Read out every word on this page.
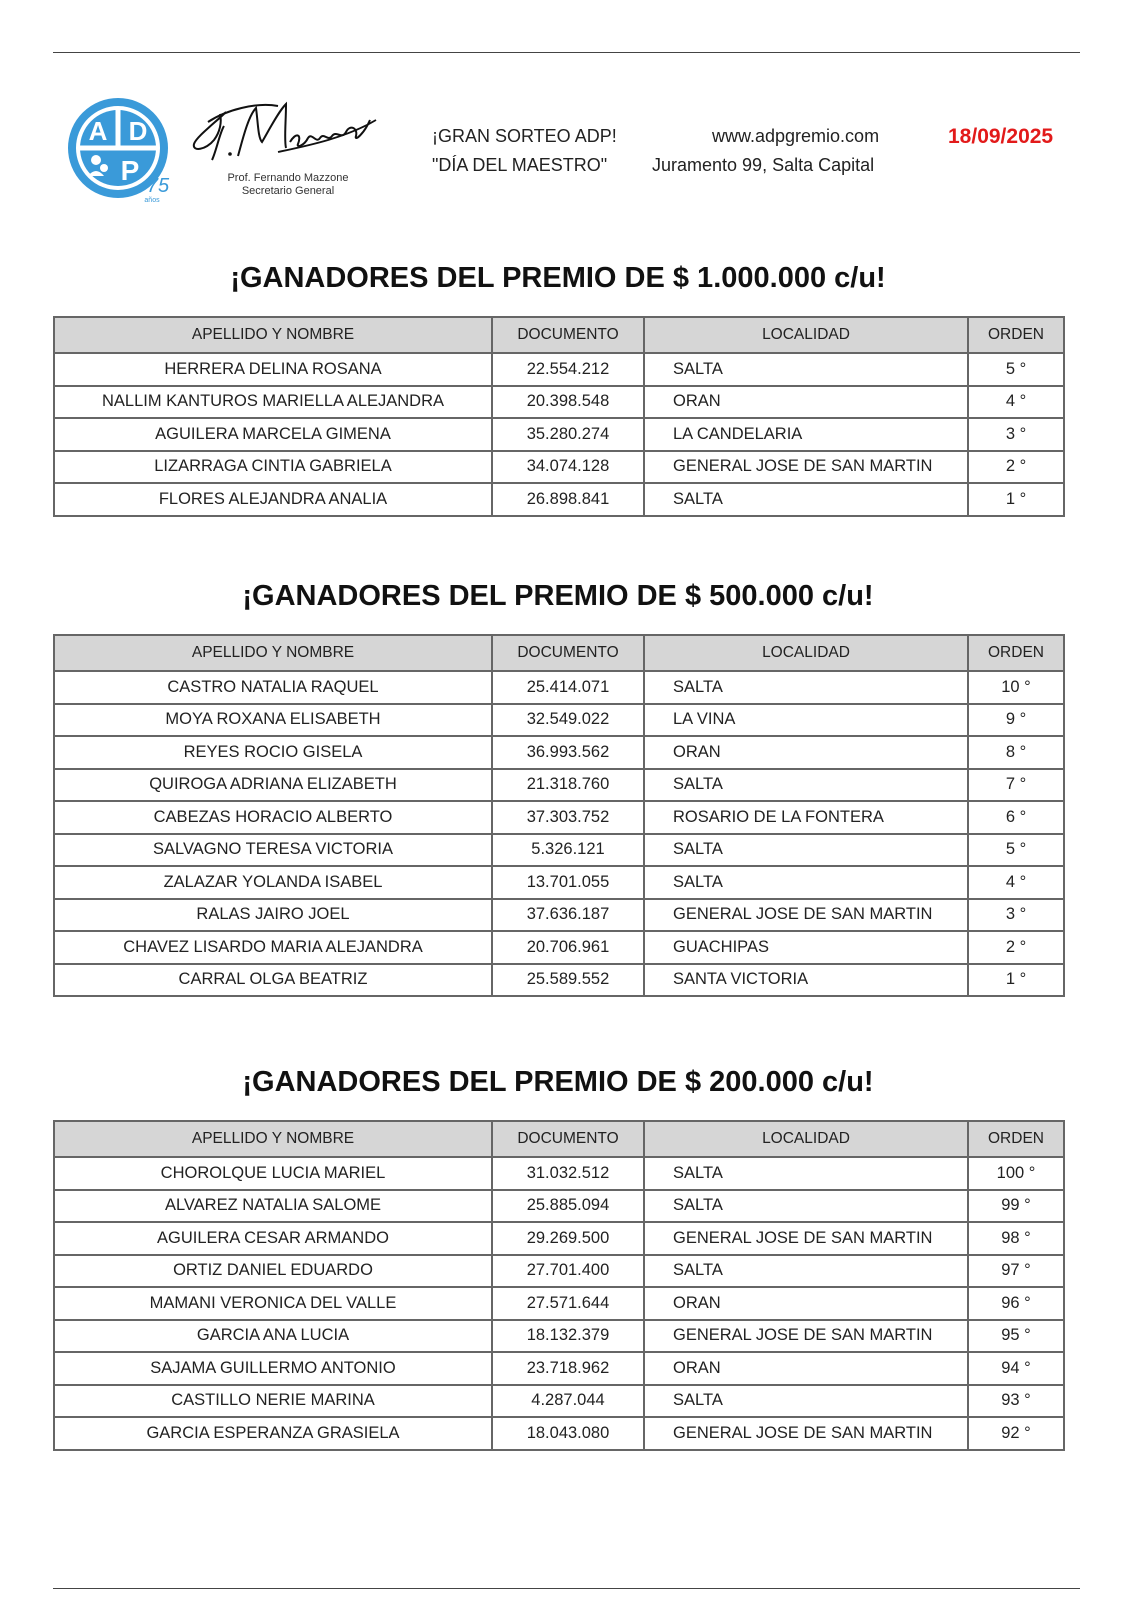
A D
P 75
años
Prof. Fernando Mazzone
Secretario General
¡GRAN SORTEO ADP!
"DÍA DEL MAESTRO"
www.adpgremio.com
Juramento 99, Salta Capital
18/09/2025
¡GANADORES DEL PREMIO DE $ 1.000.000 c/u!
APELLIDO Y NOMBRE	DOCUMENTO	LOCALIDAD	ORDEN
HERRERA DELINA ROSANA	22.554.212	SALTA	5 °
NALLIM KANTUROS MARIELLA ALEJANDRA	20.398.548	ORAN	4 °
AGUILERA MARCELA GIMENA	35.280.274	LA CANDELARIA	3 °
LIZARRAGA CINTIA GABRIELA	34.074.128	GENERAL JOSE DE SAN MARTIN	2 °
FLORES ALEJANDRA ANALIA	26.898.841	SALTA	1 °
¡GANADORES DEL PREMIO DE $ 500.000 c/u!
APELLIDO Y NOMBRE	DOCUMENTO	LOCALIDAD	ORDEN
CASTRO NATALIA RAQUEL	25.414.071	SALTA	10 °
MOYA ROXANA ELISABETH	32.549.022	LA VINA	9 °
REYES ROCIO GISELA	36.993.562	ORAN	8 °
QUIROGA ADRIANA ELIZABETH	21.318.760	SALTA	7 °
CABEZAS HORACIO ALBERTO	37.303.752	ROSARIO DE LA FONTERA	6 °
SALVAGNO TERESA VICTORIA	5.326.121	SALTA	5 °
ZALAZAR YOLANDA ISABEL	13.701.055	SALTA	4 °
RALAS JAIRO JOEL	37.636.187	GENERAL JOSE DE SAN MARTIN	3 °
CHAVEZ LISARDO MARIA ALEJANDRA	20.706.961	GUACHIPAS	2 °
CARRAL OLGA BEATRIZ	25.589.552	SANTA VICTORIA	1 °
¡GANADORES DEL PREMIO DE $ 200.000 c/u!
APELLIDO Y NOMBRE	DOCUMENTO	LOCALIDAD	ORDEN
CHOROLQUE LUCIA MARIEL	31.032.512	SALTA	100 °
ALVAREZ NATALIA SALOME	25.885.094	SALTA	99 °
AGUILERA CESAR ARMANDO	29.269.500	GENERAL JOSE DE SAN MARTIN	98 °
ORTIZ DANIEL EDUARDO	27.701.400	SALTA	97 °
MAMANI VERONICA DEL VALLE	27.571.644	ORAN	96 °
GARCIA ANA LUCIA	18.132.379	GENERAL JOSE DE SAN MARTIN	95 °
SAJAMA GUILLERMO ANTONIO	23.718.962	ORAN	94 °
CASTILLO NERIE MARINA	4.287.044	SALTA	93 °
GARCIA ESPERANZA GRASIELA	18.043.080	GENERAL JOSE DE SAN MARTIN	92 °
